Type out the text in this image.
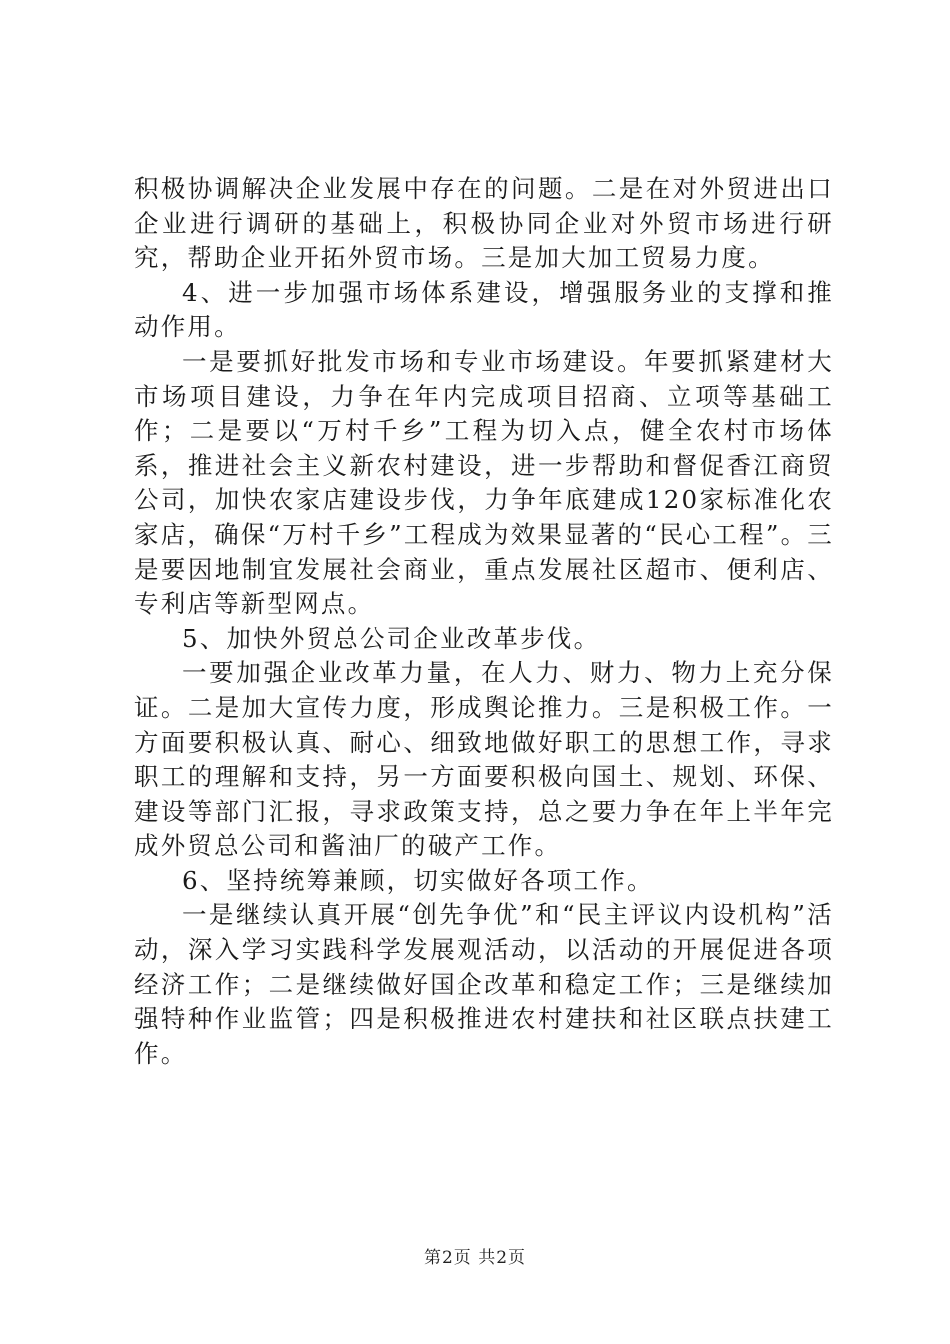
积极协调解决企业发展中存在的问题。二是在对外贸进出口企业进行调研的基础上，积极协同企业对外贸市场进行研究，帮助企业开拓外贸市场。三是加大加工贸易力度。

4、进一步加强市场体系建设，增强服务业的支撑和推动作用。

一是要抓好批发市场和专业市场建设。年要抓紧建材大市场项目建设，力争在年内完成项目招商、立项等基础工作；二是要以“万村千乡”工程为切入点，健全农村市场体系，推进社会主义新农村建设，进一步帮助和督促香江商贸公司，加快农家店建设步伐，力争年底建成120家标准化农家店，确保“万村千乡”工程成为效果显著的“民心工程”。三是要因地制宜发展社会商业，重点发展社区超市、便利店、专利店等新型网点。

5、加快外贸总公司企业改革步伐。

一要加强企业改革力量，在人力、财力、物力上充分保证。二是加大宣传力度，形成舆论推力。三是积极工作。一方面要积极认真、耐心、细致地做好职工的思想工作，寻求职工的理解和支持，另一方面要积极向国土、规划、环保、建设等部门汇报，寻求政策支持，总之要力争在年上半年完成外贸总公司和酱油厂的破产工作。

6、坚持统筹兼顾，切实做好各项工作。

一是继续认真开展“创先争优”和“民主评议内设机构”活动，深入学习实践科学发展观活动，以活动的开展促进各项经济工作；二是继续做好国企改革和稳定工作；三是继续加强特种作业监管；四是积极推进农村建扶和社区联点扶建工作。

第2页 共2页
